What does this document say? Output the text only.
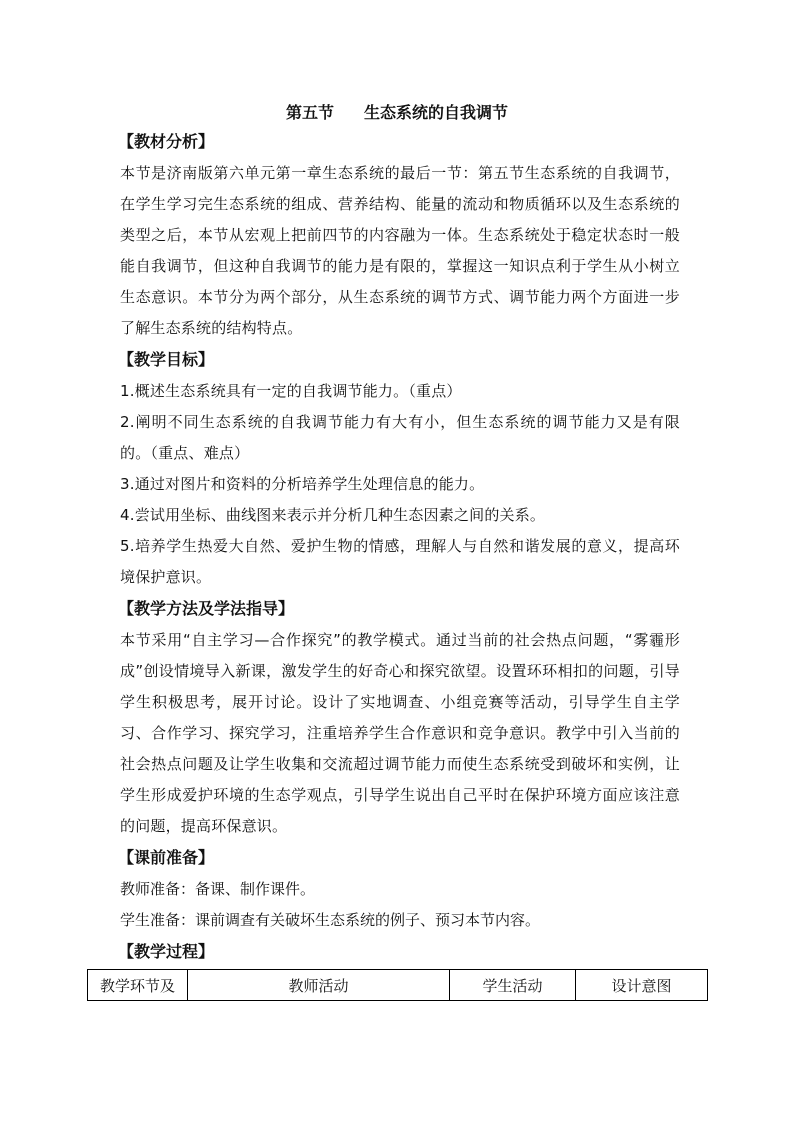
第五节 生态系统的自我调节
【教材分析】
本节是济南版第六单元第一章生态系统的最后一节：第五节生态系统的自我调节，在学生学习完生态系统的组成、营养结构、能量的流动和物质循环以及生态系统的类型之后，本节从宏观上把前四节的内容融为一体。生态系统处于稳定状态时一般能自我调节，但这种自我调节的能力是有限的，掌握这一知识点利于学生从小树立生态意识。本节分为两个部分，从生态系统的调节方式、调节能力两个方面进一步了解生态系统的结构特点。
【教学目标】
1.概述生态系统具有一定的自我调节能力。（重点）
2.阐明不同生态系统的自我调节能力有大有小，但生态系统的调节能力又是有限的。（重点、难点）
3.通过对图片和资料的分析培养学生处理信息的能力。
4.尝试用坐标、曲线图来表示并分析几种生态因素之间的关系。
5.培养学生热爱大自然、爱护生物的情感，理解人与自然和谐发展的意义，提高环境保护意识。
【教学方法及学法指导】
本节采用“自主学习—合作探究”的教学模式。通过当前的社会热点问题，“雾霾形成”创设情境导入新课，激发学生的好奇心和探究欲望。设置环环相扣的问题，引导学生积极思考，展开讨论。设计了实地调查、小组竞赛等活动，引导学生自主学习、合作学习、探究学习，注重培养学生合作意识和竞争意识。教学中引入当前的社会热点问题及让学生收集和交流超过调节能力而使生态系统受到破坏和实例，让学生形成爱护环境的生态学观点，引导学生说出自己平时在保护环境方面应该注意的问题，提高环保意识。
【课前准备】
教师准备：备课、制作课件。
学生准备：课前调查有关破坏生态系统的例子、预习本节内容。
【教学过程】
教学环节及	教师活动	学生活动	设计意图
